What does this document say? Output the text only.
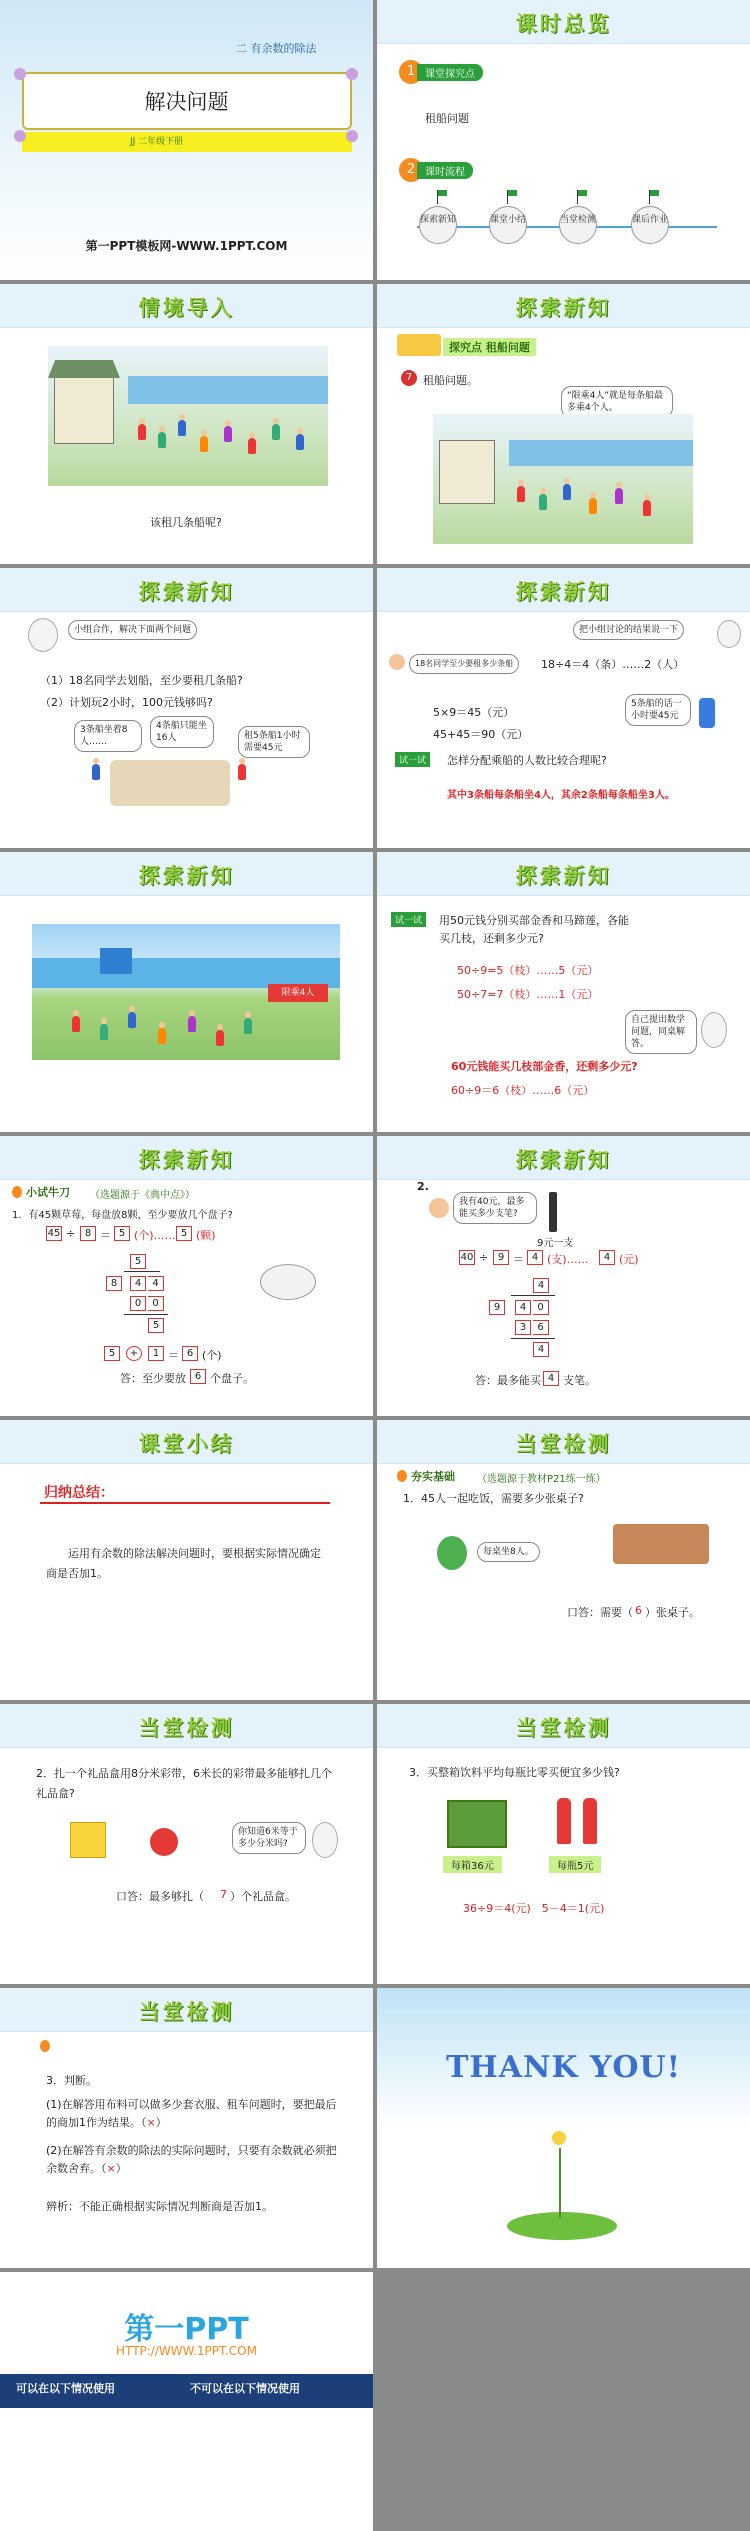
二 有余数的除法
解决问题
JJ 二年级下册
第一PPT模板网-WWW.1PPT.COM
课时总览
1 课堂探究点
租船问题
2 课时流程
探索新知	课堂小结	当堂检测	课后作业
情境导入
该租几条船呢?
探索新知
探究点 租船问题
7 租船问题。
“限乘4人”就是每条船最多乘4个人。
探索新知
小组合作，解决下面两个问题
（1）18名同学去划船，至少要租几条船?
（2）计划玩2小时，100元钱够吗?
3条船坐着8人……
4条船只能坐16人	租5条船1小时需要45元
探索新知
把小组讨论的结果说一下
18名同学至少要租多少条船	18÷4＝4（条）……2（人）
5×9＝45（元）
45+45＝90（元）
5条船的话一小时要45元
试一试	怎样分配乘船的人数比较合理呢?
其中3条船每条船坐4人，其余2条船每条船坐3人。
探索新知
限乘4人
探索新知
试一试	用50元钱分别买部金香和马蹄莲，各能买几枝，还剩多少元?
50÷9=5（枝）……5（元）
50÷7=7（枝）……1（元）
自己提出数学问题，同桌解答。
60元钱能买几枝部金香，还剩多少元?
60÷9＝6（枝）……6（元）
探索新知
小试牛刀 （选题源于《典中点》）
1．有45颗草莓，每盘放8颗，至少要放几个盘子?
45 ÷ 8 ＝ 5 (个)…… 5 (颗)
5
8	4	4
0	0
5
5	+	1 ＝ 6 (个)
答：至少要放 6 个盘子。
探索新知
2.
我有40元，最多能买多少支笔?
9元一支
40 ÷ 9 ＝ 4 (支)……	4 (元)
4
9	4	0
3	6
4
答：最多能买 4 支笔。
课堂小结
归纳总结：
运用有余数的除法解决问题时，要根据实际情况确定商是否加1。
当堂检测
夯实基础 （选题源于教材P21练一练）
1．45人一起吃饭，需要多少张桌子?
每桌坐8人。
口答：需要（ 6 ）张桌子。
当堂检测
2．扎一个礼品盒用8分米彩带，6米长的彩带最多能够扎几个礼品盒?
你知道6米等于多少分米吗?
口答：最多够扎（ 7 ）个礼品盒。
当堂检测
3．买整箱饮料平均每瓶比零买便宜多少钱?
每箱36元	每瓶5元
36÷9＝4(元)　5－4＝1(元)
当堂检测
3．判断。
(1)在解答用布料可以做多少套衣服、租车问题时，要把最后的商加1作为结果。（×）
(2)在解答有余数的除法的实际问题时，只要有余数就必须把余数舍弃。（×）
辨析：不能正确根据实际情况判断商是否加1。
THANK YOU!
第一PPT
HTTP://WWW.1PPT.COM
可以在以下情况使用	不可以在以下情况使用
